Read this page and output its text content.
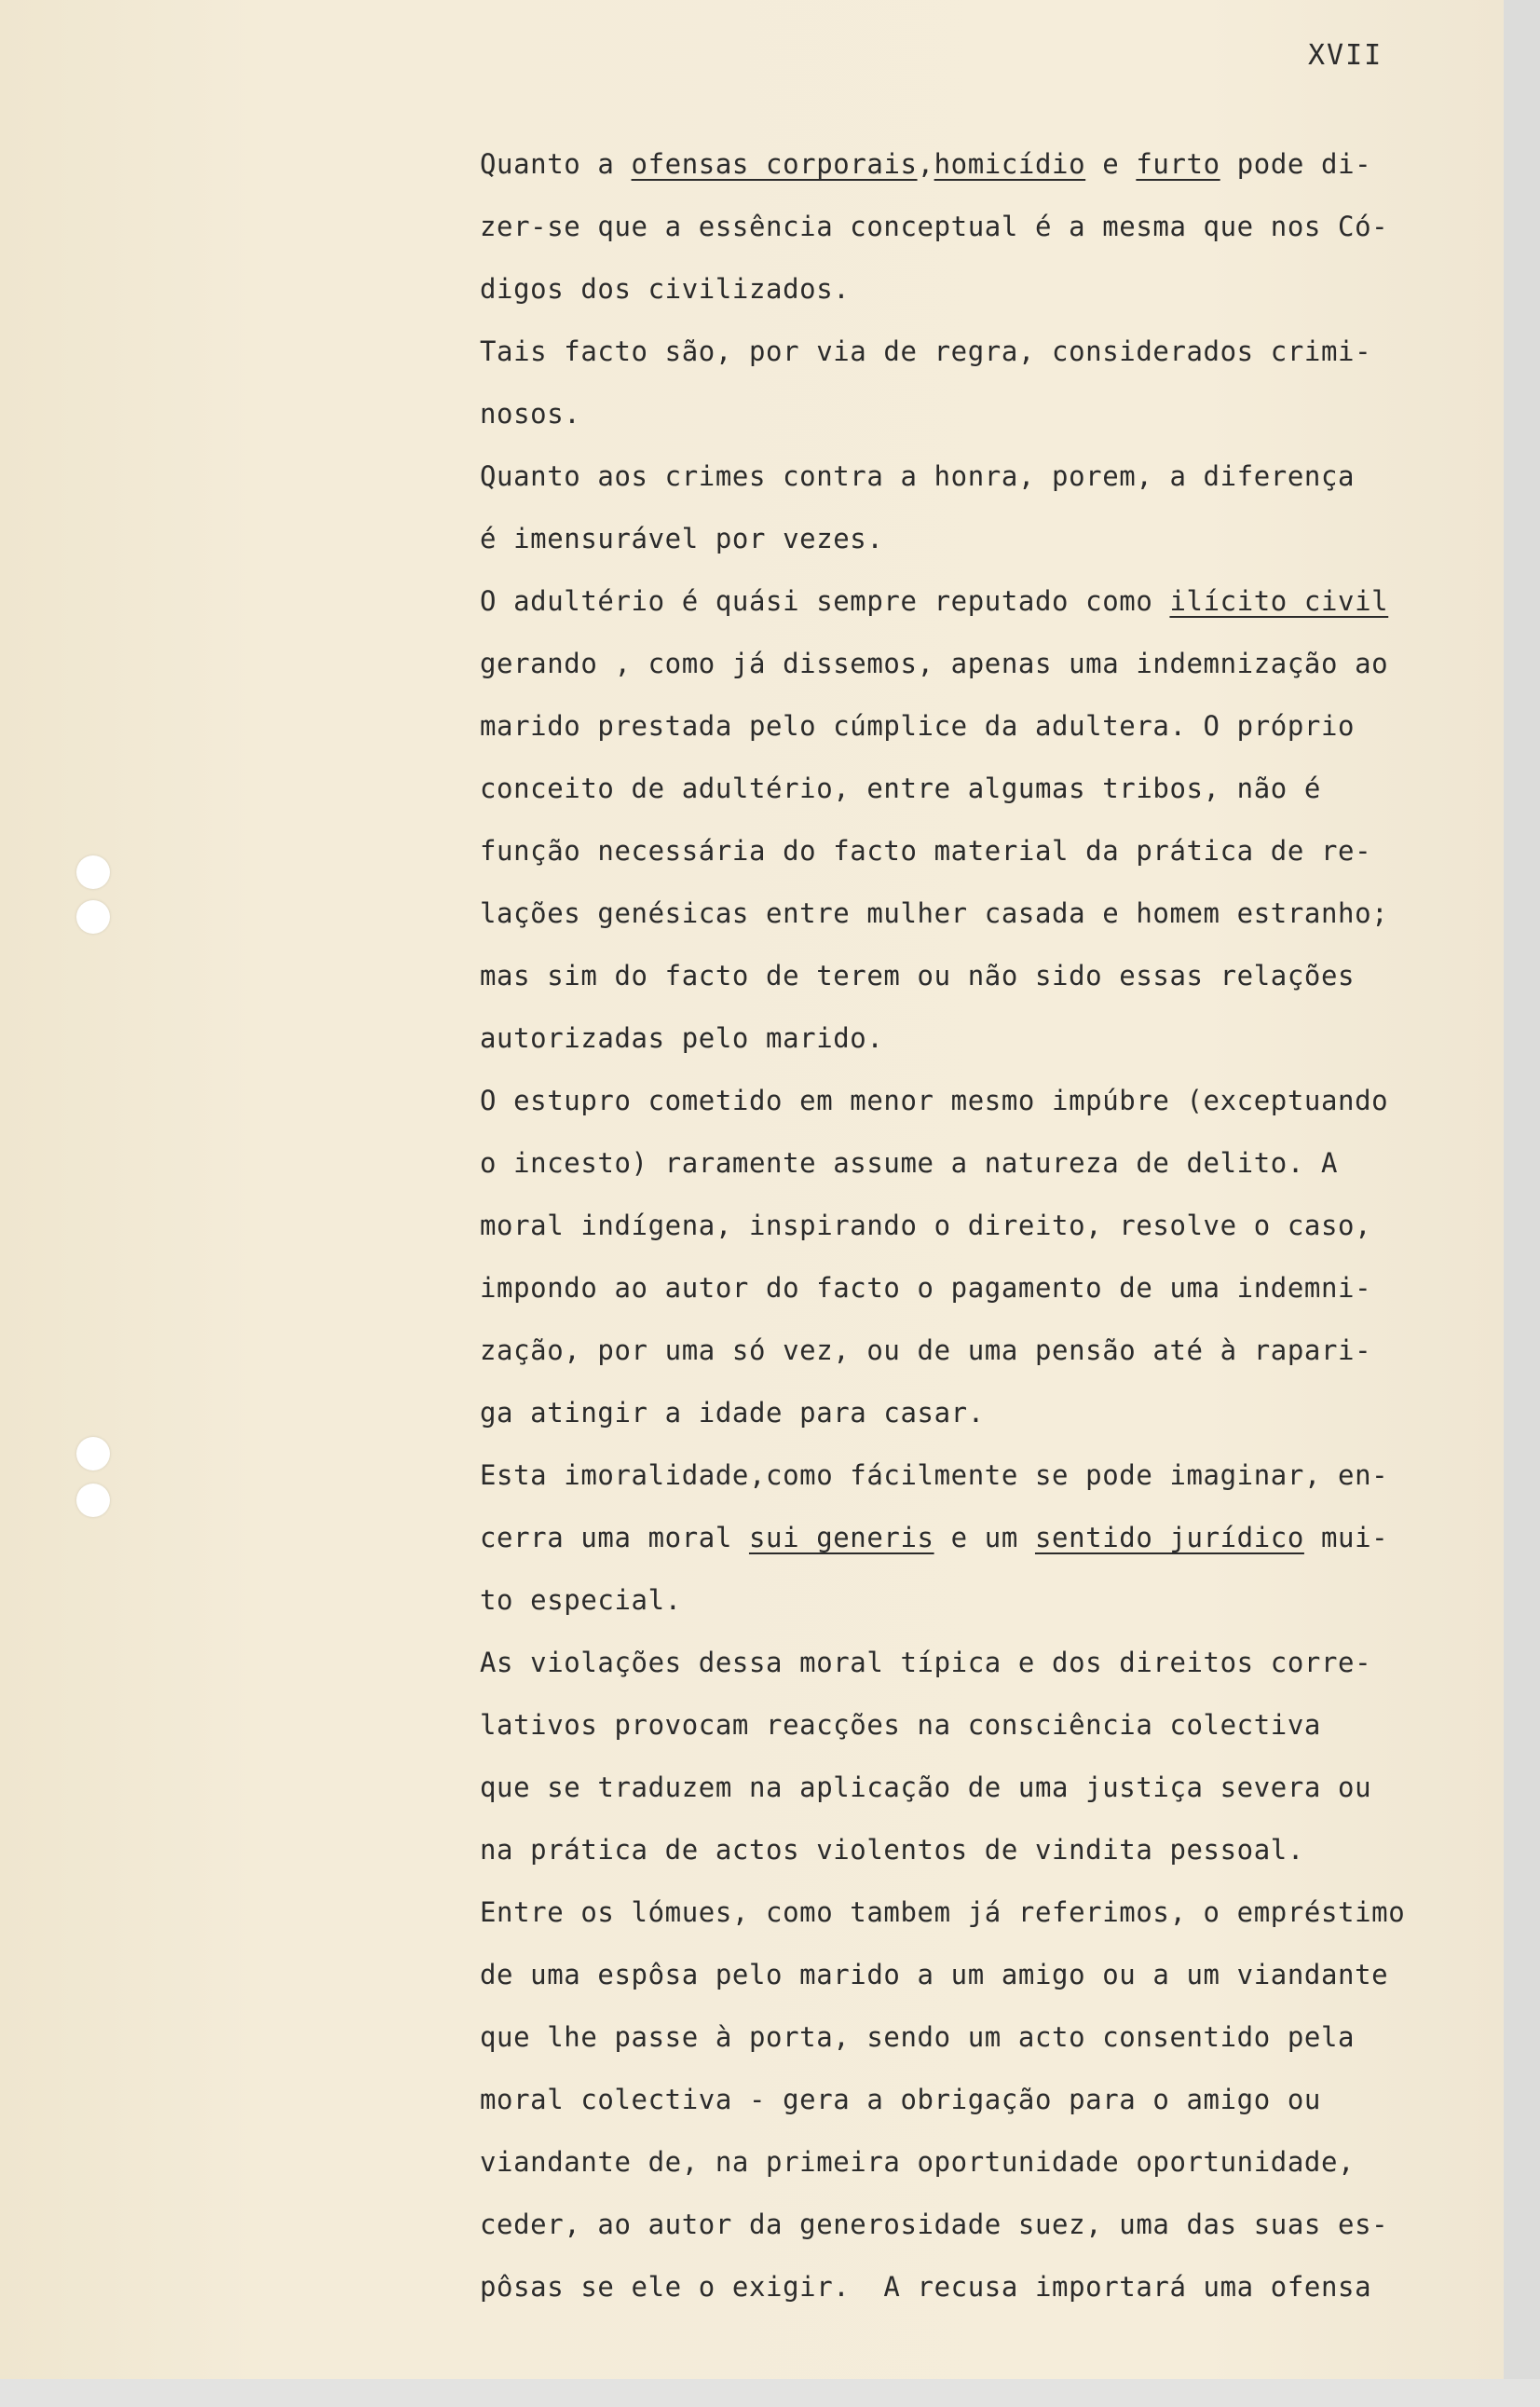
XVII
Quanto a ofensas corporais,homicídio e furto pode di-
zer-se que a essência conceptual é a mesma que nos Có-
digos dos civilizados.
Tais facto são, por via de regra, considerados crimi-
nosos.
Quanto aos crimes contra a honra, porem, a diferença
é imensurável por vezes.
O adultério é quási sempre reputado como ilícito civil
gerando , como já dissemos, apenas uma indemnização ao
marido prestada pelo cúmplice da adultera. O próprio
conceito de adultério, entre algumas tribos, não é
função necessária do facto material da prática de re-
lações genésicas entre mulher casada e homem estranho;
mas sim do facto de terem ou não sido essas relações
autorizadas pelo marido.
O estupro cometido em menor mesmo impúbre (exceptuando
o incesto) raramente assume a natureza de delito. A
moral indígena, inspirando o direito, resolve o caso,
impondo ao autor do facto o pagamento de uma indemni-
zação, por uma só vez, ou de uma pensão até à rapari-
ga atingir a idade para casar.
Esta imoralidade,como fácilmente se pode imaginar, en-
cerra uma moral sui generis e um sentido jurídico mui-
to especial.
As violações dessa moral típica e dos direitos corre-
lativos provocam reacções na consciência colectiva
que se traduzem na aplicação de uma justiça severa ou
na prática de actos violentos de vindita pessoal.
Entre os lómues, como tambem já referimos, o empréstimo
de uma espôsa pelo marido a um amigo ou a um viandante
que lhe passe à porta, sendo um acto consentido pela
moral colectiva - gera a obrigação para o amigo ou
viandante de, na primeira oportunidade oportunidade,
ceder, ao autor da generosidade suez, uma das suas es-
pôsas se ele o exigir.  A recusa importará uma ofensa
